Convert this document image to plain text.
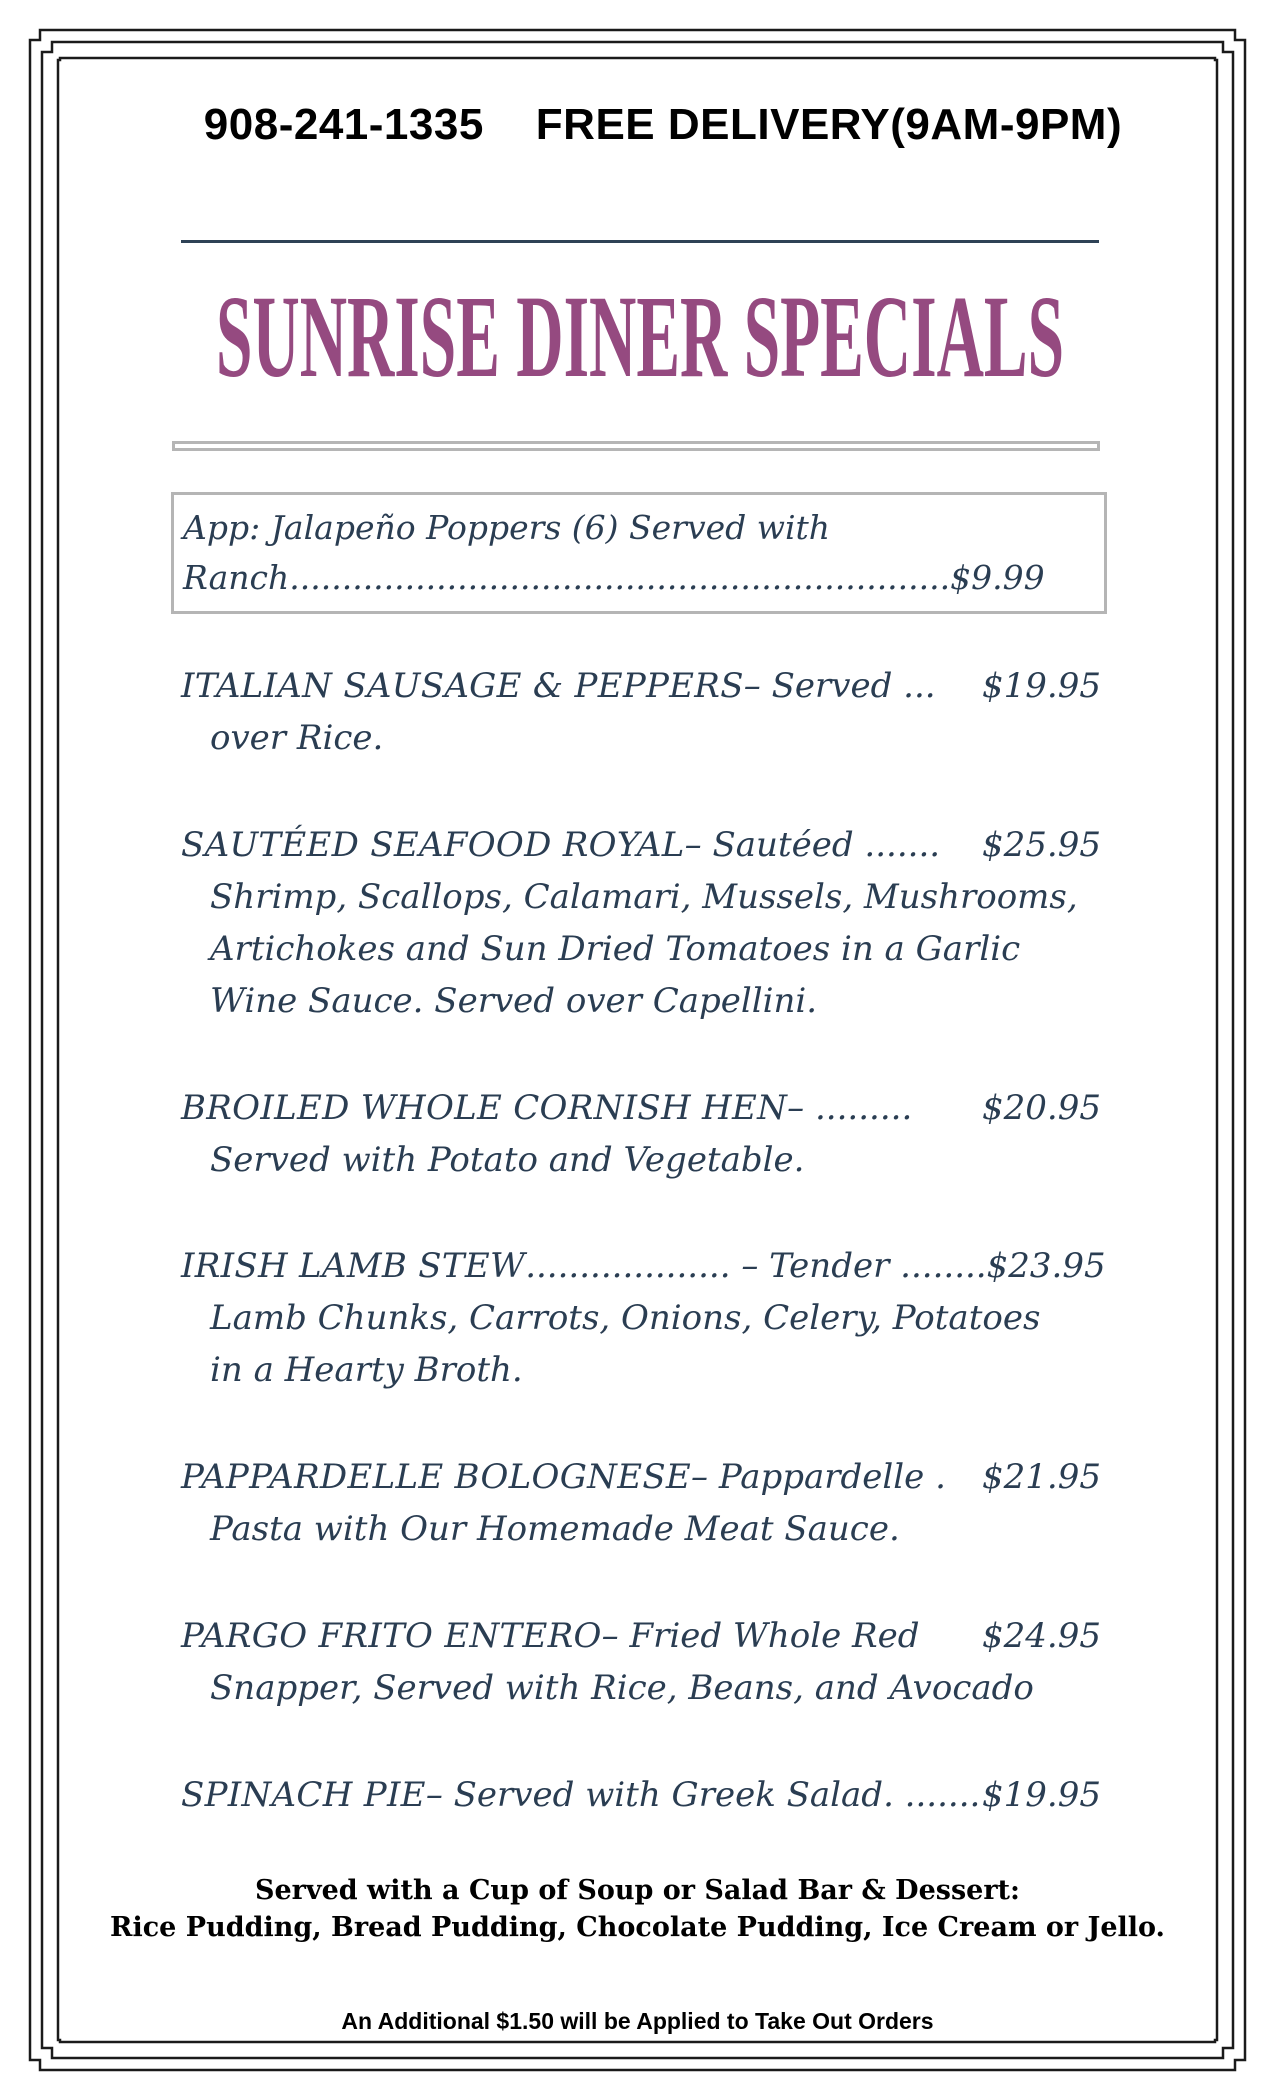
908-241-1335 FREE DELIVERY(9AM-9PM)

SUNRISE DINER SPECIALS
App: Jalapeño Poppers (6) Served with
Ranch............................................................... $9.99
ITALIAN SAUSAGE & PEPPERS – Served ...	$19.95
over Rice.
SAUTÉED SEAFOOD ROYAL – Sautéed .......	$25.95
Shrimp, Scallops, Calamari, Mussels, Mushrooms,
Artichokes and Sun Dried Tomatoes in a Garlic
Wine Sauce. Served over Capellini.
BROILED WHOLE CORNISH HEN – .........	$20.95
Served with Potato and Vegetable.
IRISH LAMB STEW ................... – Tender ........ $23.95
Lamb Chunks, Carrots, Onions, Celery, Potatoes
in a Hearty Broth.
PAPPARDELLE BOLOGNESE – Pappardelle .	$21.95
Pasta with Our Homemade Meat Sauce.
PARGO FRITO ENTERO – Fried Whole Red	$24.95
Snapper, Served with Rice, Beans, and Avocado
SPINACH PIE – Served with Greek Salad. ....... $19.95
Served with a Cup of Soup or Salad Bar & Dessert:
Rice Pudding, Bread Pudding, Chocolate Pudding, Ice Cream or Jello.
An Additional $1.50 will be Applied to Take Out Orders
